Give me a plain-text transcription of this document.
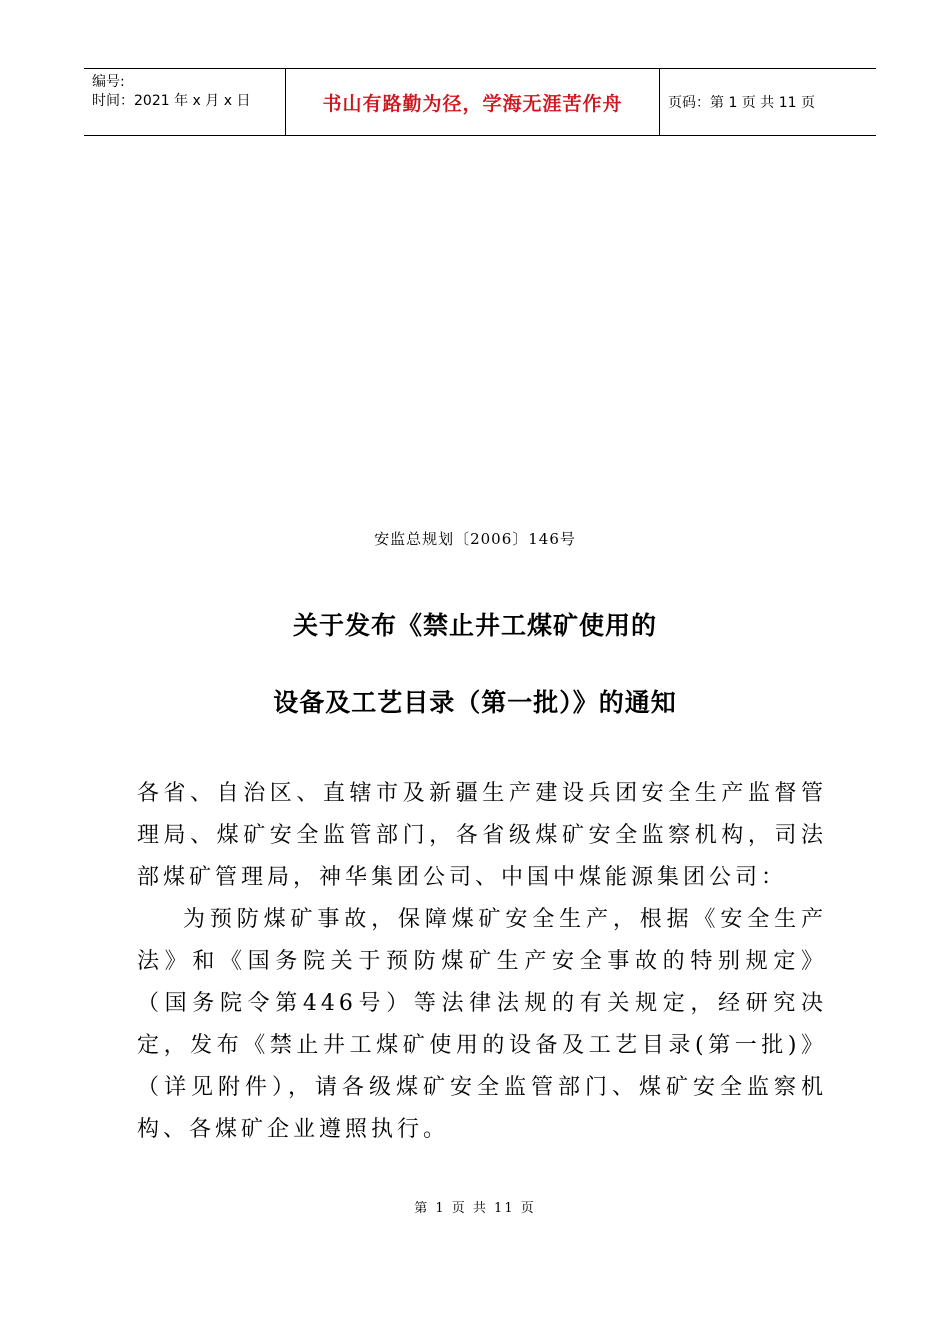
编号:
时间：2021 年 x 月 x 日	书山有路勤为径，学海无涯苦作舟	页码：第 1 页 共 11 页
安监总规划〔2006〕146号
关于发布《禁止井工煤矿使用的
设备及工艺目录（第一批）》的通知
各省、自治区、直辖市及新疆生产建设兵团安全生产监督管理局、煤矿安全监管部门，各省级煤矿安全监察机构，司法部煤矿管理局，神华集团公司、中国中煤能源集团公司：
为预防煤矿事故，保障煤矿安全生产，根据《安全生产法》和《国务院关于预防煤矿生产安全事故的特别规定》（国务院令第446号）等法律法规的有关规定，经研究决定，发布《禁止井工煤矿使用的设备及工艺目录(第一批)》（详见附件），请各级煤矿安全监管部门、煤矿安全监察机构、各煤矿企业遵照执行。
第 1 页 共 11 页
